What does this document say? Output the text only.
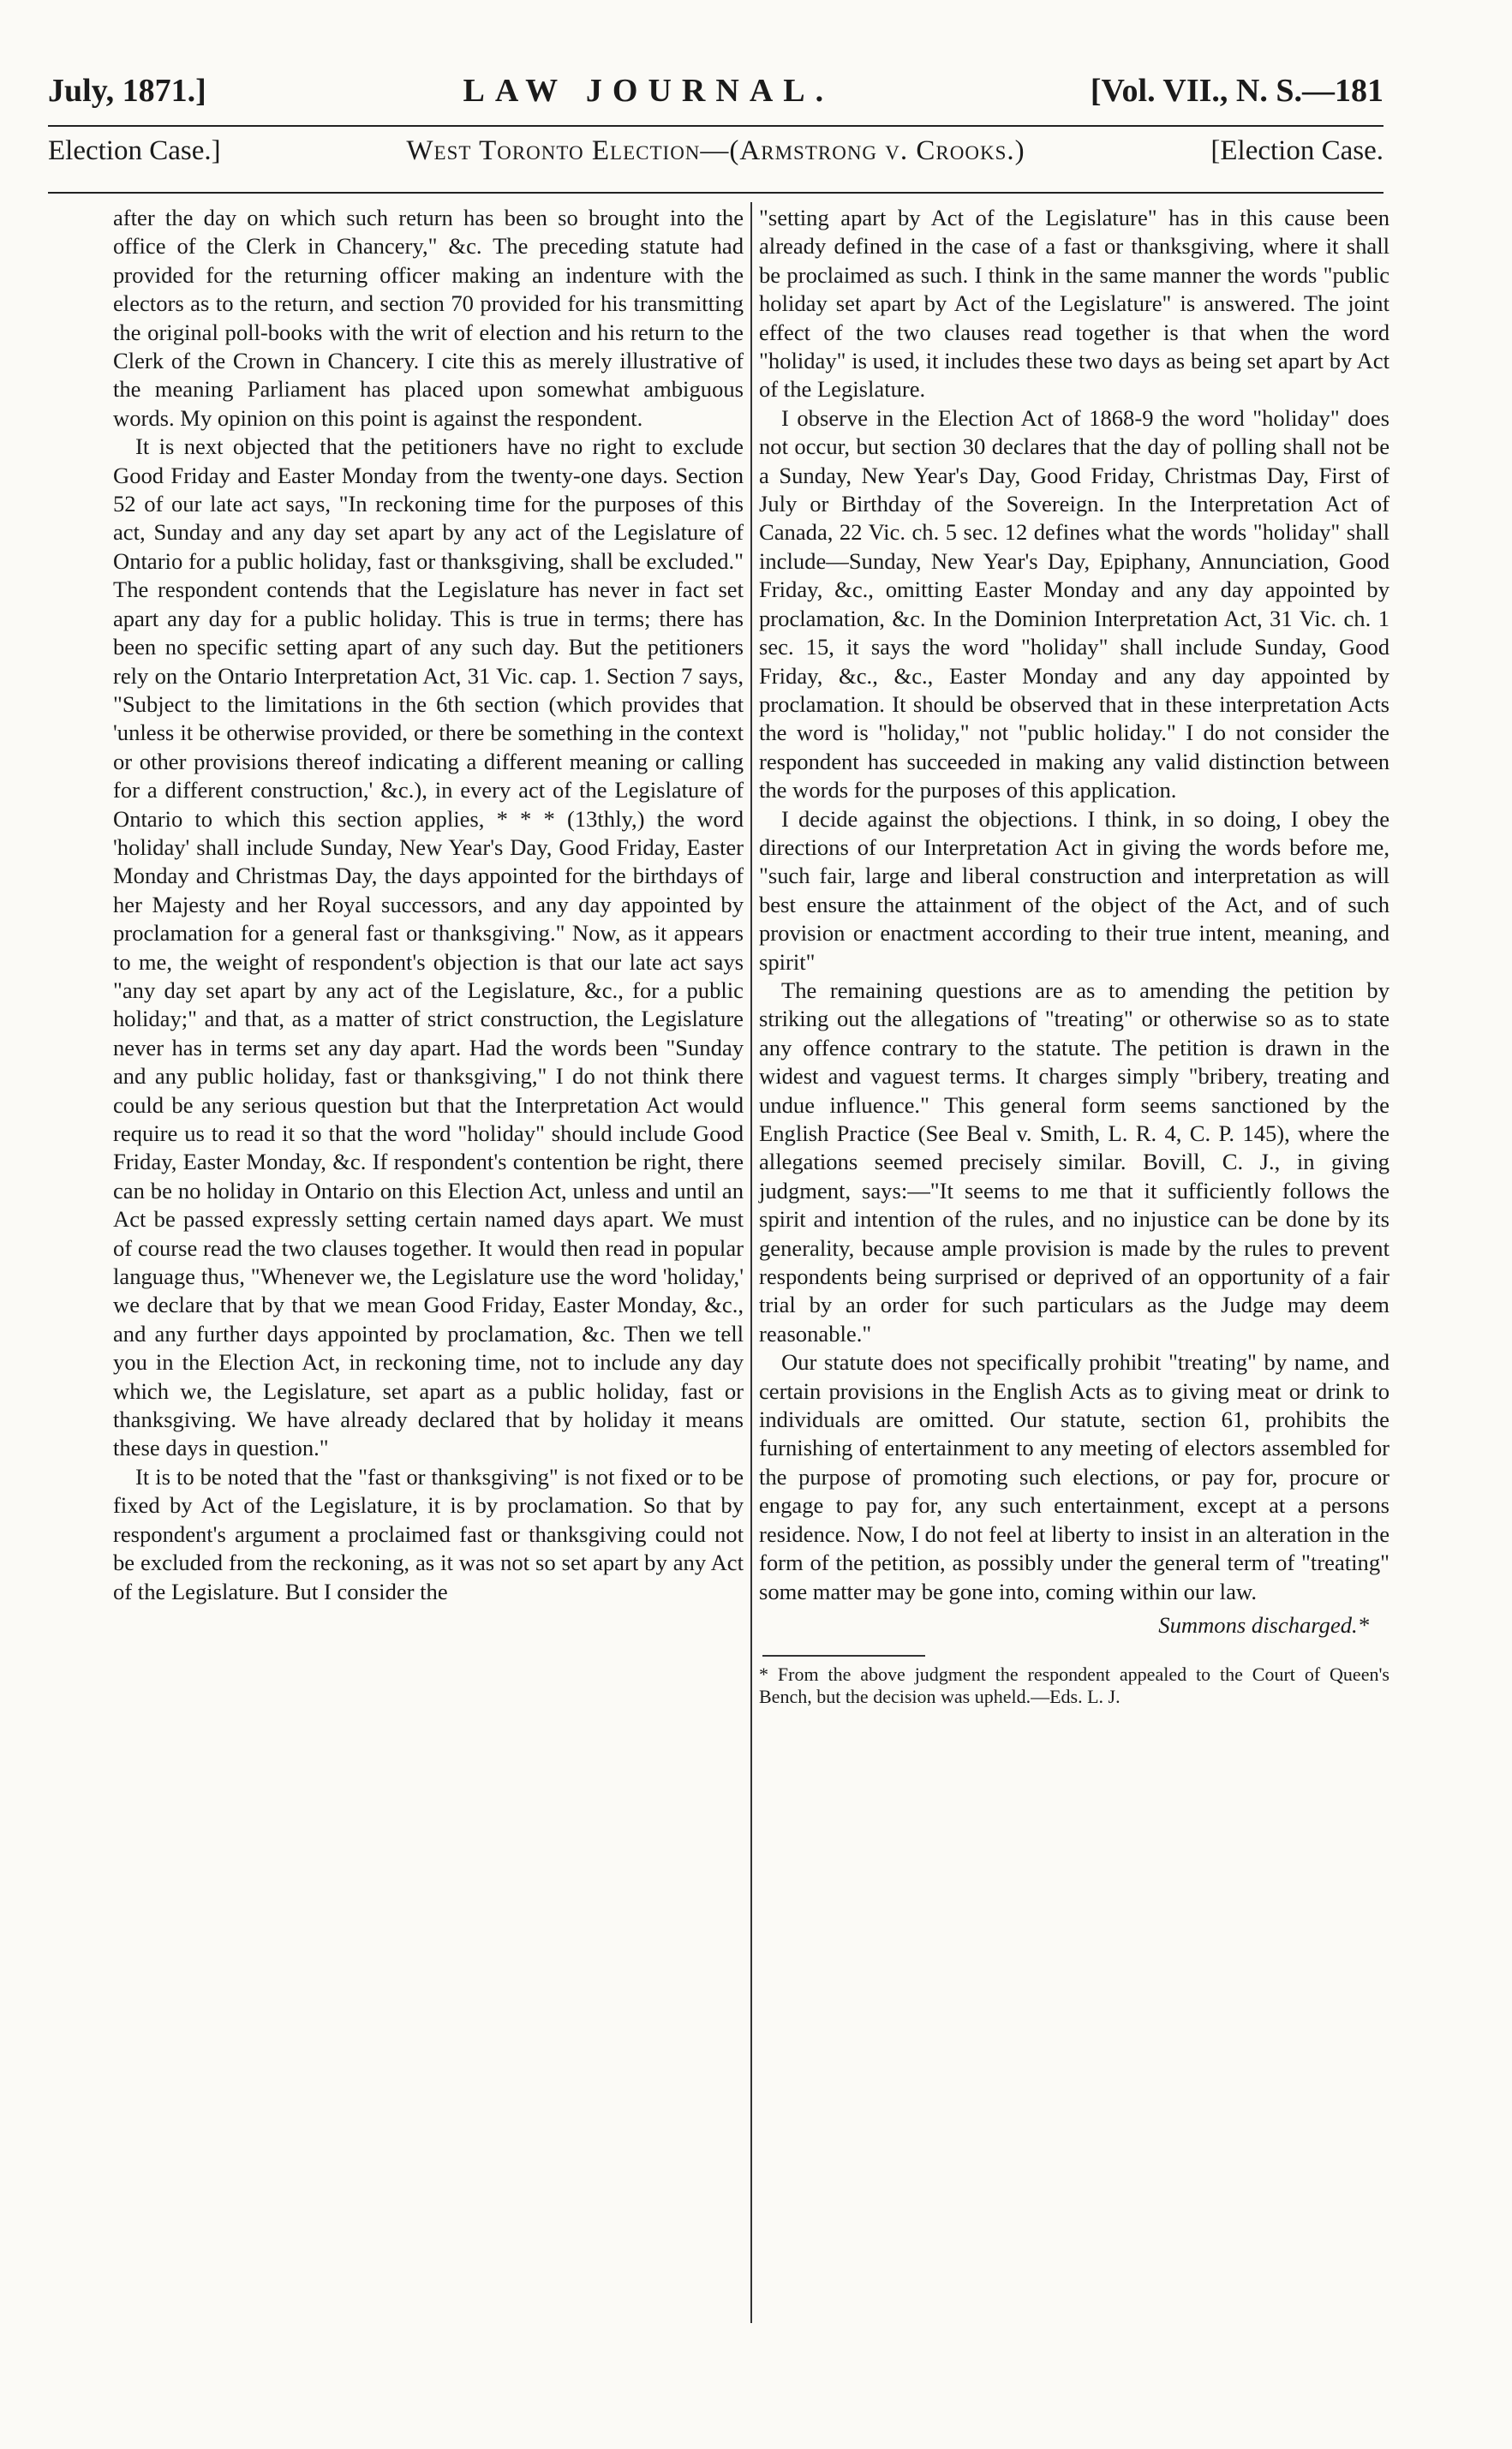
July, 1871.]	LAW JOURNAL.	[Vol. VII., N. S.—181
Election Case.]	West Toronto Election—(Armstrong v. Crooks.)	[Election Case.

after the day on which such return has been so brought into the office of the Clerk in Chancery," &c. The preceding statute had provided for the returning officer making an indenture with the electors as to the return, and section 70 provided for his transmitting the original poll-books with the writ of election and his return to the Clerk of the Crown in Chancery. I cite this as merely illustrative of the meaning Parliament has placed upon somewhat ambiguous words. My opinion on this point is against the respondent.

It is next objected that the petitioners have no right to exclude Good Friday and Easter Monday from the twenty-one days. Section 52 of our late act says, "In reckoning time for the purposes of this act, Sunday and any day set apart by any act of the Legislature of Ontario for a public holiday, fast or thanksgiving, shall be excluded." The respondent contends that the Legislature has never in fact set apart any day for a public holiday. This is true in terms; there has been no specific setting apart of any such day. But the petitioners rely on the Ontario Interpretation Act, 31 Vic. cap. 1. Section 7 says, "Subject to the limitations in the 6th section (which provides that 'unless it be otherwise provided, or there be something in the context or other provisions thereof indicating a different meaning or calling for a different construction,' &c.), in every act of the Legislature of Ontario to which this section applies, * * * (13thly,) the word 'holiday' shall include Sunday, New Year's Day, Good Friday, Easter Monday and Christmas Day, the days appointed for the birthdays of her Majesty and her Royal successors, and any day appointed by proclamation for a general fast or thanksgiving." Now, as it appears to me, the weight of respondent's objection is that our late act says "any day set apart by any act of the Legislature, &c., for a public holiday;" and that, as a matter of strict construction, the Legislature never has in terms set any day apart. Had the words been "Sunday and any public holiday, fast or thanksgiving," I do not think there could be any serious question but that the Interpretation Act would require us to read it so that the word "holiday" should include Good Friday, Easter Monday, &c. If respondent's contention be right, there can be no holiday in Ontario on this Election Act, unless and until an Act be passed expressly setting certain named days apart. We must of course read the two clauses together. It would then read in popular language thus, "Whenever we, the Legislature use the word 'holiday,' we declare that by that we mean Good Friday, Easter Monday, &c., and any further days appointed by proclamation, &c. Then we tell you in the Election Act, in reckoning time, not to include any day which we, the Legislature, set apart as a public holiday, fast or thanksgiving. We have already declared that by holiday it means these days in question."

It is to be noted that the "fast or thanksgiving" is not fixed or to be fixed by Act of the Legislature, it is by proclamation. So that by respondent's argument a proclaimed fast or thanksgiving could not be excluded from the reckoning, as it was not so set apart by any Act of the Legislature. But I consider the

"setting apart by Act of the Legislature" has in this cause been already defined in the case of a fast or thanksgiving, where it shall be proclaimed as such. I think in the same manner the words "public holiday set apart by Act of the Legislature" is answered. The joint effect of the two clauses read together is that when the word "holiday" is used, it includes these two days as being set apart by Act of the Legislature.

I observe in the Election Act of 1868-9 the word "holiday" does not occur, but section 30 declares that the day of polling shall not be a Sunday, New Year's Day, Good Friday, Christmas Day, First of July or Birthday of the Sovereign. In the Interpretation Act of Canada, 22 Vic. ch. 5 sec. 12 defines what the words "holiday" shall include—Sunday, New Year's Day, Epiphany, Annunciation, Good Friday, &c., omitting Easter Monday and any day appointed by proclamation, &c. In the Dominion Interpretation Act, 31 Vic. ch. 1 sec. 15, it says the word "holiday" shall include Sunday, Good Friday, &c., &c., Easter Monday and any day appointed by proclamation. It should be observed that in these interpretation Acts the word is "holiday," not "public holiday." I do not consider the respondent has succeeded in making any valid distinction between the words for the purposes of this application.

I decide against the objections. I think, in so doing, I obey the directions of our Interpretation Act in giving the words before me, "such fair, large and liberal construction and interpretation as will best ensure the attainment of the object of the Act, and of such provision or enactment according to their true intent, meaning, and spirit"

The remaining questions are as to amending the petition by striking out the allegations of "treating" or otherwise so as to state any offence contrary to the statute. The petition is drawn in the widest and vaguest terms. It charges simply "bribery, treating and undue influence." This general form seems sanctioned by the English Practice (See Beal v. Smith, L. R. 4, C. P. 145), where the allegations seemed precisely similar. Bovill, C. J., in giving judgment, says:—"It seems to me that it sufficiently follows the spirit and intention of the rules, and no injustice can be done by its generality, because ample provision is made by the rules to prevent respondents being surprised or deprived of an opportunity of a fair trial by an order for such particulars as the Judge may deem reasonable."

Our statute does not specifically prohibit "treating" by name, and certain provisions in the English Acts as to giving meat or drink to individuals are omitted. Our statute, section 61, prohibits the furnishing of entertainment to any meeting of electors assembled for the purpose of promoting such elections, or pay for, procure or engage to pay for, any such entertainment, except at a persons residence. Now, I do not feel at liberty to insist in an alteration in the form of the petition, as possibly under the general term of "treating" some matter may be gone into, coming within our law.

Summons discharged.*
* From the above judgment the respondent appealed to the Court of Queen's Bench, but the decision was upheld.—Eds. L. J.
